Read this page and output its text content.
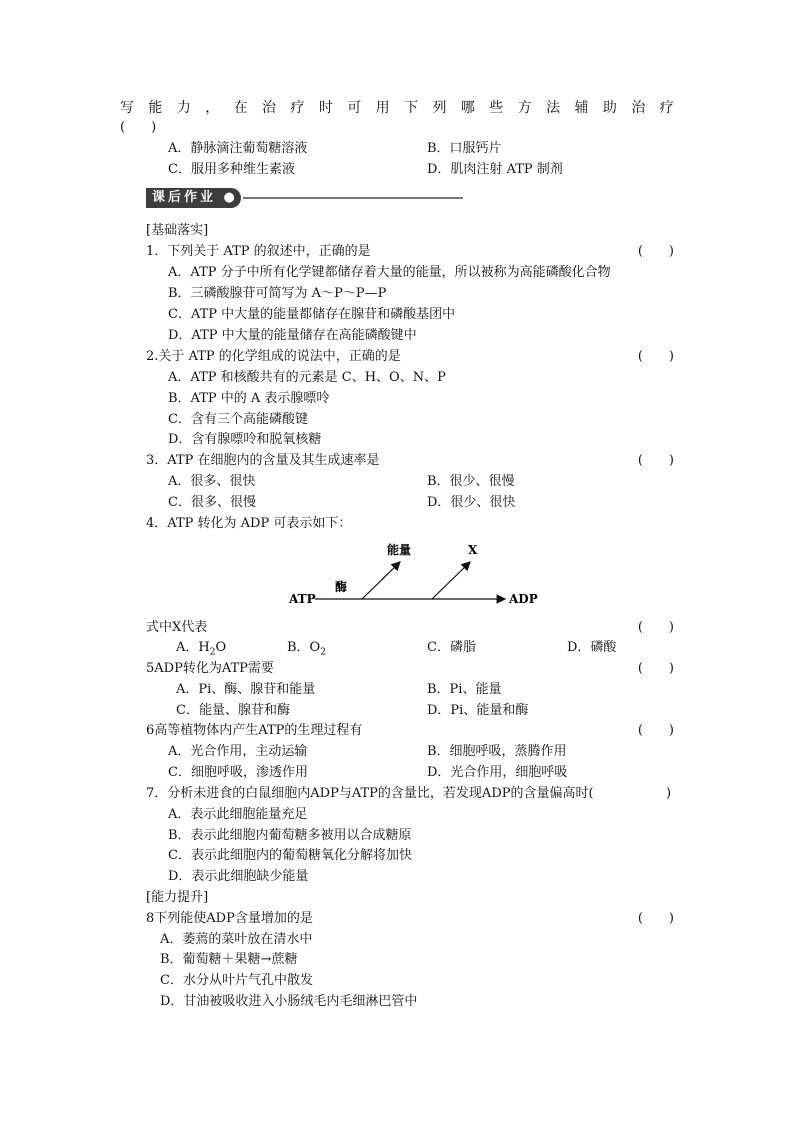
写 能 力 ， 在 治 疗 时 可 用 下 列 哪 些 方 法 辅 助 治 疗
(　　)
A．静脉滴注葡萄糖溶液	B．口服钙片
C．服用多种维生素液	D．肌肉注射 ATP 制剂
课后作业 ●
[基础落实]
1．下列关于 ATP 的叙述中，正确的是	(　　)
A．ATP 分子中所有化学键都储存着大量的能量，所以被称为高能磷酸化合物
B．三磷酸腺苷可简写为 A～P～P—P
C．ATP 中大量的能量都储存在腺苷和磷酸基团中
D．ATP 中大量的能量储存在高能磷酸键中
2.关于 ATP 的化学组成的说法中，正确的是	(　　)
A．ATP 和核酸共有的元素是 C、H、O、N、P
B．ATP 中的 A 表示腺嘌呤
C．含有三个高能磷酸键
D．含有腺嘌呤和脱氧核糖
3．ATP 在细胞内的含量及其生成速率是	(　　)
A．很多、很快	B．很少、很慢
C．很多、很慢	D．很少、很快
4．ATP 转化为 ADP 可表示如下：
ATP	ADP
酶
能量	X
式中X代表	(　　)
A．$H_2O$	B．$O_2$	C．磷脂	D．磷酸
5ADP转化为ATP需要	(　　)
A．Pi、酶、腺苷和能量	B．Pi、能量
C．能量、腺苷和酶	D．Pi、能量和酶
6高等植物体内产生ATP的生理过程有	(　　)
A．光合作用，主动运输	B．细胞呼吸，蒸腾作用
C．细胞呼吸，渗透作用	D．光合作用，细胞呼吸
7．分析未进食的白鼠细胞内ADP与ATP的含量比，若发现ADP的含量偏高时(	)
A．表示此细胞能量充足
B．表示此细胞内葡萄糖多被用以合成糖原
C．表示此细胞内的葡萄糖氧化分解将加快
D．表示此细胞缺少能量
[能力提升]
8下列能使ADP含量增加的是	(　　)
A．萎蔫的菜叶放在清水中
B．葡萄糖＋果糖→蔗糖
C．水分从叶片气孔中散发
D．甘油被吸收进入小肠绒毛内毛细淋巴管中
